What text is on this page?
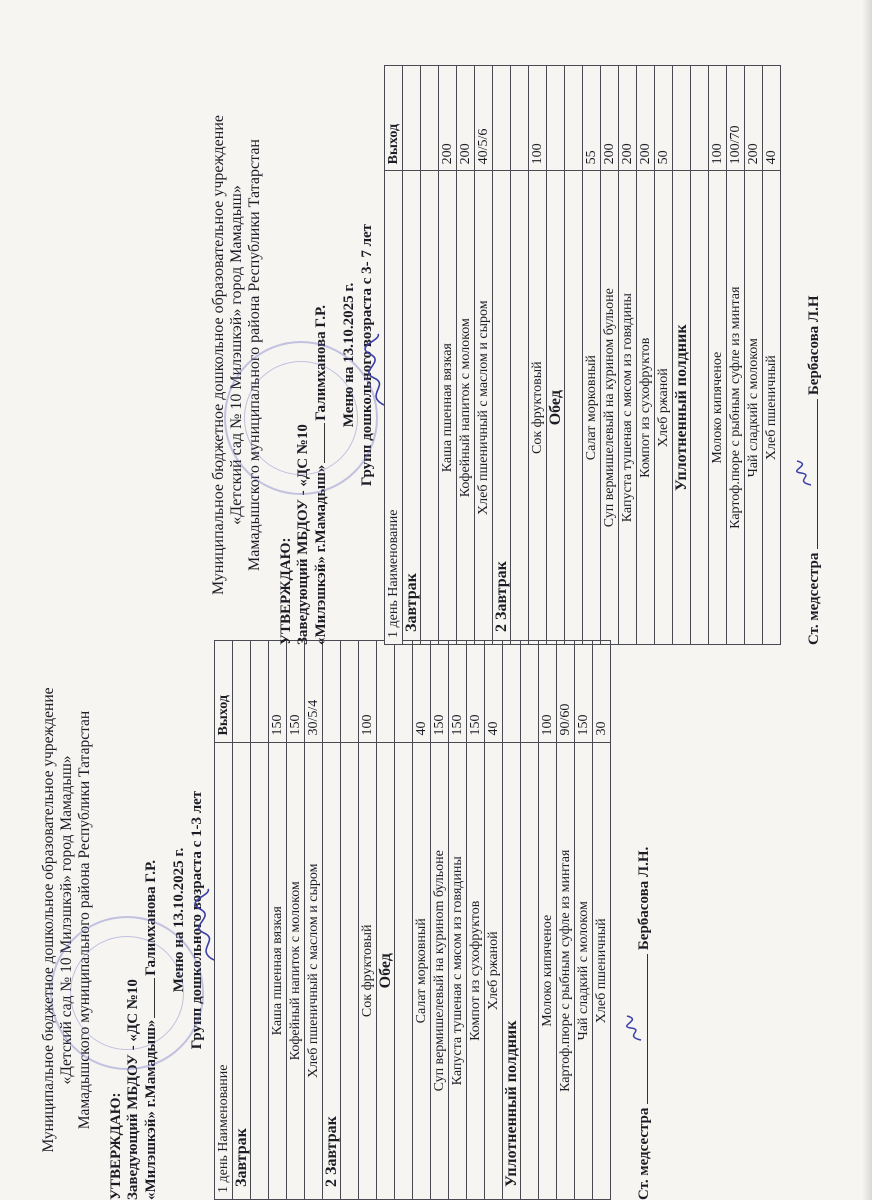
Муниципальное бюджетное дошкольное образовательное учреждение «Детский сад № 10 Милэшкэй» город Мамадыш» Мамадышского муниципального района Республики Татарстан

УТВЕРЖДАЮ: Заведующий МБДОУ - «ДС №10 «Милэшкэй» г.Мамадыш»Галимханова Г.Р. Меню на 13.10.2025 г. Групп дошкольного возраста с 1-3 лет
1 день Наименование	Выход
Завтрак	

Каша пшенная вязкая	150
Кофейный напиток с молоком	150
Хлеб пшеничный с маслом и сыром	30/5/4
2 Завтрак	

Сок фруктовый	100
Обед	

Салат морковный	40
Суп вермишелевый на куриноm бульоне	150
Капуста тушеная с мясом из говядины	150
Компот из сухофруктов	150
Хлеб ржаной	40
Уплотненный полдник	

Молоко кипяченое	100
Картоф.пюре с рыбным суфле из минтая	90/60
Чай сладкий с молоком	150
Хлеб пшеничный	30
Ст. медсестра
Бербасова Л.Н.

Муниципальное бюджетное дошкольное образовательное учреждение «Детский сад № 10 Милэшкэй» город Мамадыш» Мамадышского муниципального района Республики Татарстан

УТВЕРЖДАЮ: Заведующий МБДОУ - «ДС №10 «Милэшкэй» г.Мамадыш»Галимханова Г.Р. Меню на 13.10.2025 г. Групп дошкольного возраста с 3- 7 лет
1 день Наименование	Выход
Завтрак	

Каша пшенная вязкая	200
Кофейный напиток с молоком	200
Хлеб пшеничный с маслом и сыром	40/5/6
2 Завтрак	

Сок фруктовый	100
Обед	

Салат морковный	55
Суп вермишелевый на курином бульоне	200
Капуста тушеная с мясом из говядины	200
Компот из сухофруктов	200
Хлеб ржаной	50
Уплотненный полдник	

Молоко кипяченое	100
Картоф.пюре с рыбным суфле из минтая	100/70
Чай сладкий с молоком	200
Хлеб пшеничный	40
Ст. медсестра
Бербасова Л.Н
